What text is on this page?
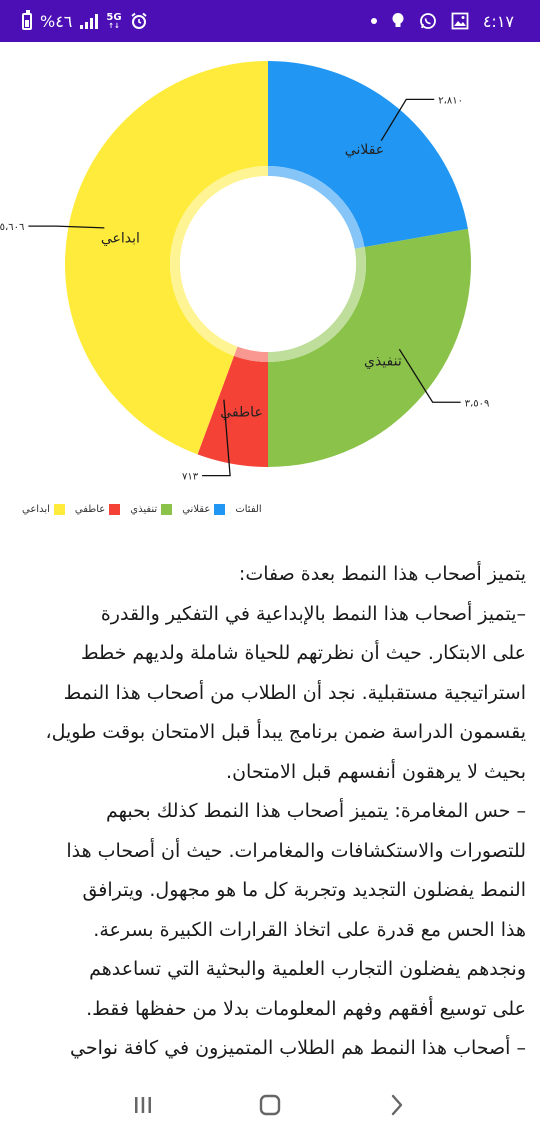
%٤٦	5G
↑↓	٤:١٧
عقلاني
٢،٨١٠
تنفيذي
٣،٥٠٩
عاطفي
٧١٣
ابداعي
٥،٦٠٦
ابداعي	عاطفي	تنفيذي	عقلاني	الفئات

يتميز أصحاب هذا النمط بعدة صفات:

–يتميز أصحاب هذا النمط بالإبداعية في التفكير والقدرة

على الابتكار. حيث أن نظرتهم للحياة شاملة ولديهم خطط

استراتيجية مستقبلية. نجد أن الطلاب من أصحاب هذا النمط

يقسمون الدراسة ضمن برنامج يبدأ قبل الامتحان بوقت طويل،

بحيث لا يرهقون أنفسهم قبل الامتحان.

– حس المغامرة: يتميز أصحاب هذا النمط كذلك بحبهم

للتصورات والاستكشافات والمغامرات. حيث أن أصحاب هذا

النمط يفضلون التجديد وتجربة كل ما هو مجهول. ويترافق

هذا الحس مع قدرة على اتخاذ القرارات الكبيرة بسرعة.

ونجدهم يفضلون التجارب العلمية والبحثية التي تساعدهم

على توسيع أفقهم وفهم المعلومات بدلا من حفظها فقط.

– أصحاب هذا النمط هم الطلاب المتميزون في كافة نواحي
